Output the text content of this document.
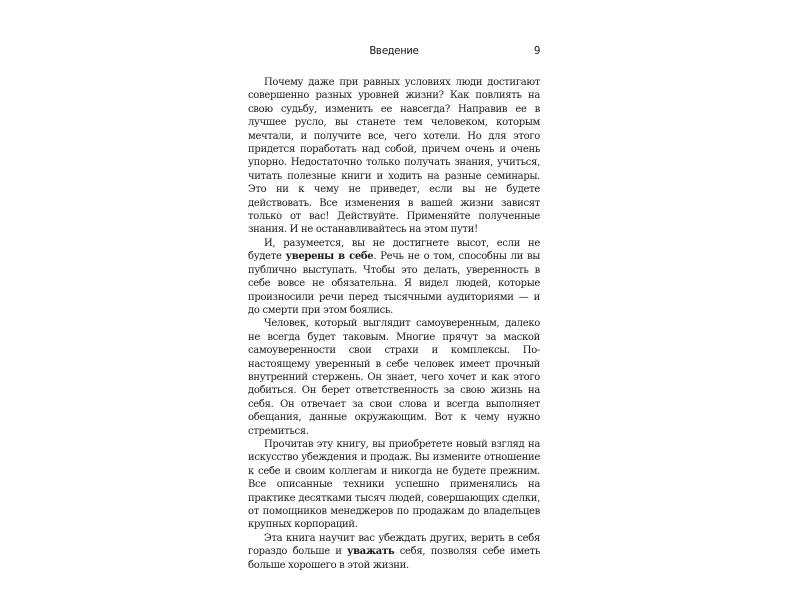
Введение	9

Почему даже при равных условиях люди достигают совершенно разных уровней жизни? Как повлиять на свою судьбу, изменить ее навсегда? Направив ее в лучшее русло, вы станете тем человеком, которым мечтали, и получите все, чего хотели. Но для этого придется поработать над собой, причем очень и очень упорно. Недостаточно только получать знания, учиться, читать полезные книги и ходить на разные семинары. Это ни к чему не приведет, если вы не будете действовать. Все изменения в вашей жизни зависят только от вас! Действуйте. Применяйте полученные знания. И не останавливайтесь на этом пути!

И, разумеется, вы не достигнете высот, если не будете уверены в себе. Речь не о том, способны ли вы публично выступать. Чтобы это делать, уверенность в себе вовсе не обязательна. Я видел людей, которые произносили речи перед тысячными аудиториями — и до смерти при этом боялись.

Человек, который выглядит самоуверенным, далеко не всегда будет таковым. Многие прячут за маской самоуверенности свои страхи и комплексы. По-настоящему уверенный в себе человек имеет прочный внутренний стержень. Он знает, чего хочет и как этого добиться. Он берет ответственность за свою жизнь на себя. Он отвечает за свои слова и всегда выполняет обещания, данные окружающим. Вот к чему нужно стремиться.

Прочитав эту книгу, вы приобретете новый взгляд на искусство убеждения и продаж. Вы измените отношение к себе и своим коллегам и никогда не будете прежним. Все описанные техники успешно применялись на практике десятками тысяч людей, совершающих сделки, от помощников менеджеров по продажам до владельцев крупных корпораций.

Эта книга научит вас убеждать других, верить в себя гораздо больше и уважать себя, позволяя себе иметь больше хорошего в этой жизни.
